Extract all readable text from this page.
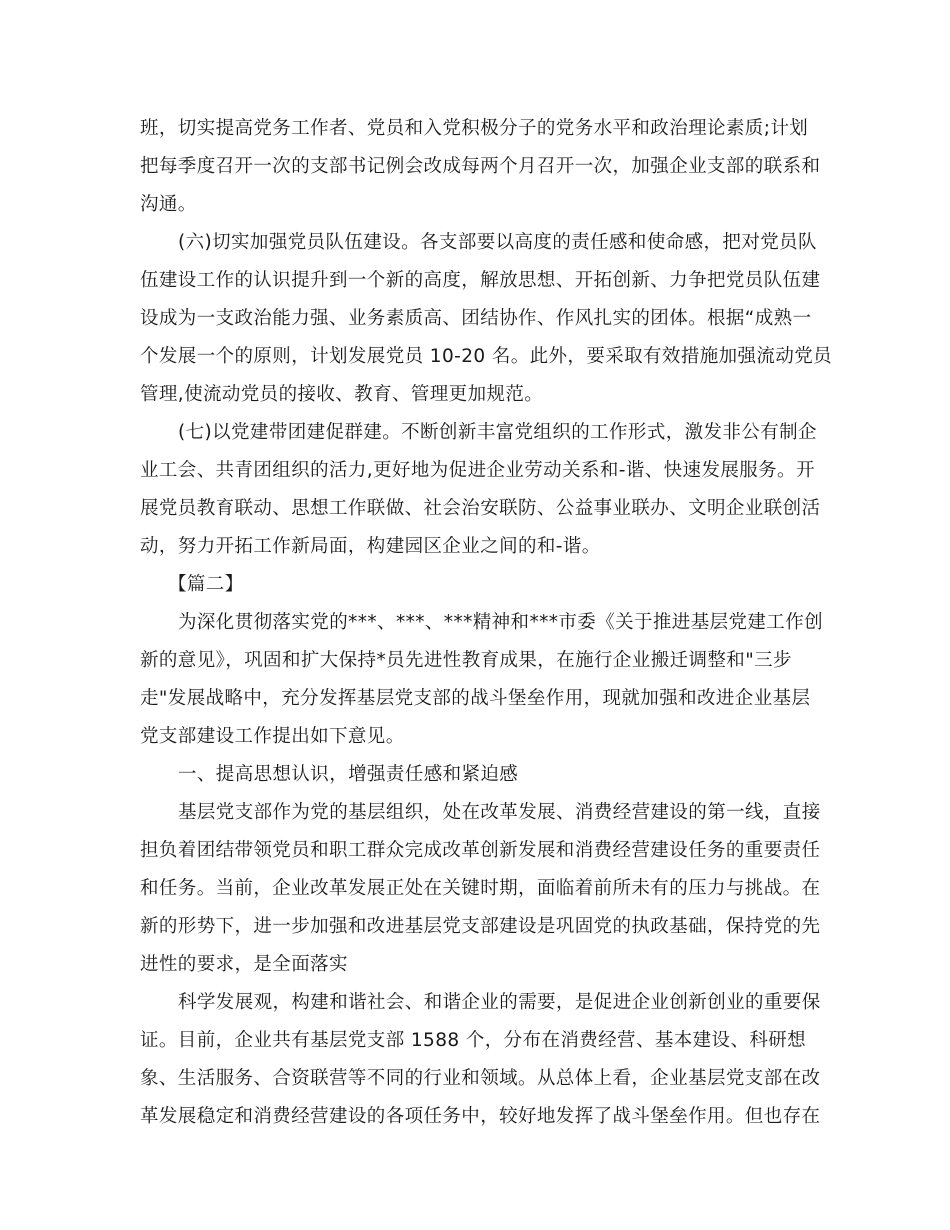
班，切实提高党务工作者、党员和入党积极分子的党务水平和政治理论素质;计划
把每季度召开一次的支部书记例会改成每两个月召开一次，加强企业支部的联系和
沟通。
(六)切实加强党员队伍建设。各支部要以高度的责任感和使命感，把对党员队
伍建设工作的认识提升到一个新的高度，解放思想、开拓创新、力争把党员队伍建
设成为一支政治能力强、业务素质高、团结协作、作风扎实的团体。根据“成熟一
个发展一个的原则，计划发展党员 10-20 名。此外，要采取有效措施加强流动党员
管理,使流动党员的接收、教育、管理更加规范。
(七)以党建带团建促群建。不断创新丰富党组织的工作形式，激发非公有制企
业工会、共青团组织的活力,更好地为促进企业劳动关系和-谐、快速发展服务。开
展党员教育联动、思想工作联做、社会治安联防、公益事业联办、文明企业联创活
动，努力开拓工作新局面，构建园区企业之间的和-谐。
【篇二】
为深化贯彻落实党的***、***、***精神和***市委《关于推进基层党建工作创
新的意见》，巩固和扩大保持*员先进性教育成果，在施行企业搬迁调整和"三步
走"发展战略中，充分发挥基层党支部的战斗堡垒作用，现就加强和改进企业基层
党支部建设工作提出如下意见。
一、提高思想认识，增强责任感和紧迫感
基层党支部作为党的基层组织，处在改革发展、消费经营建设的第一线，直接
担负着团结带领党员和职工群众完成改革创新发展和消费经营建设任务的重要责任
和任务。当前，企业改革发展正处在关键时期，面临着前所未有的压力与挑战。在
新的形势下，进一步加强和改进基层党支部建设是巩固党的执政基础，保持党的先
进性的要求，是全面落实
科学发展观，构建和谐社会、和谐企业的需要，是促进企业创新创业的重要保
证。目前，企业共有基层党支部 1588 个，分布在消费经营、基本建设、科研想
象、生活服务、合资联营等不同的行业和领域。从总体上看，企业基层党支部在改
革发展稳定和消费经营建设的各项任务中，较好地发挥了战斗堡垒作用。但也存在
